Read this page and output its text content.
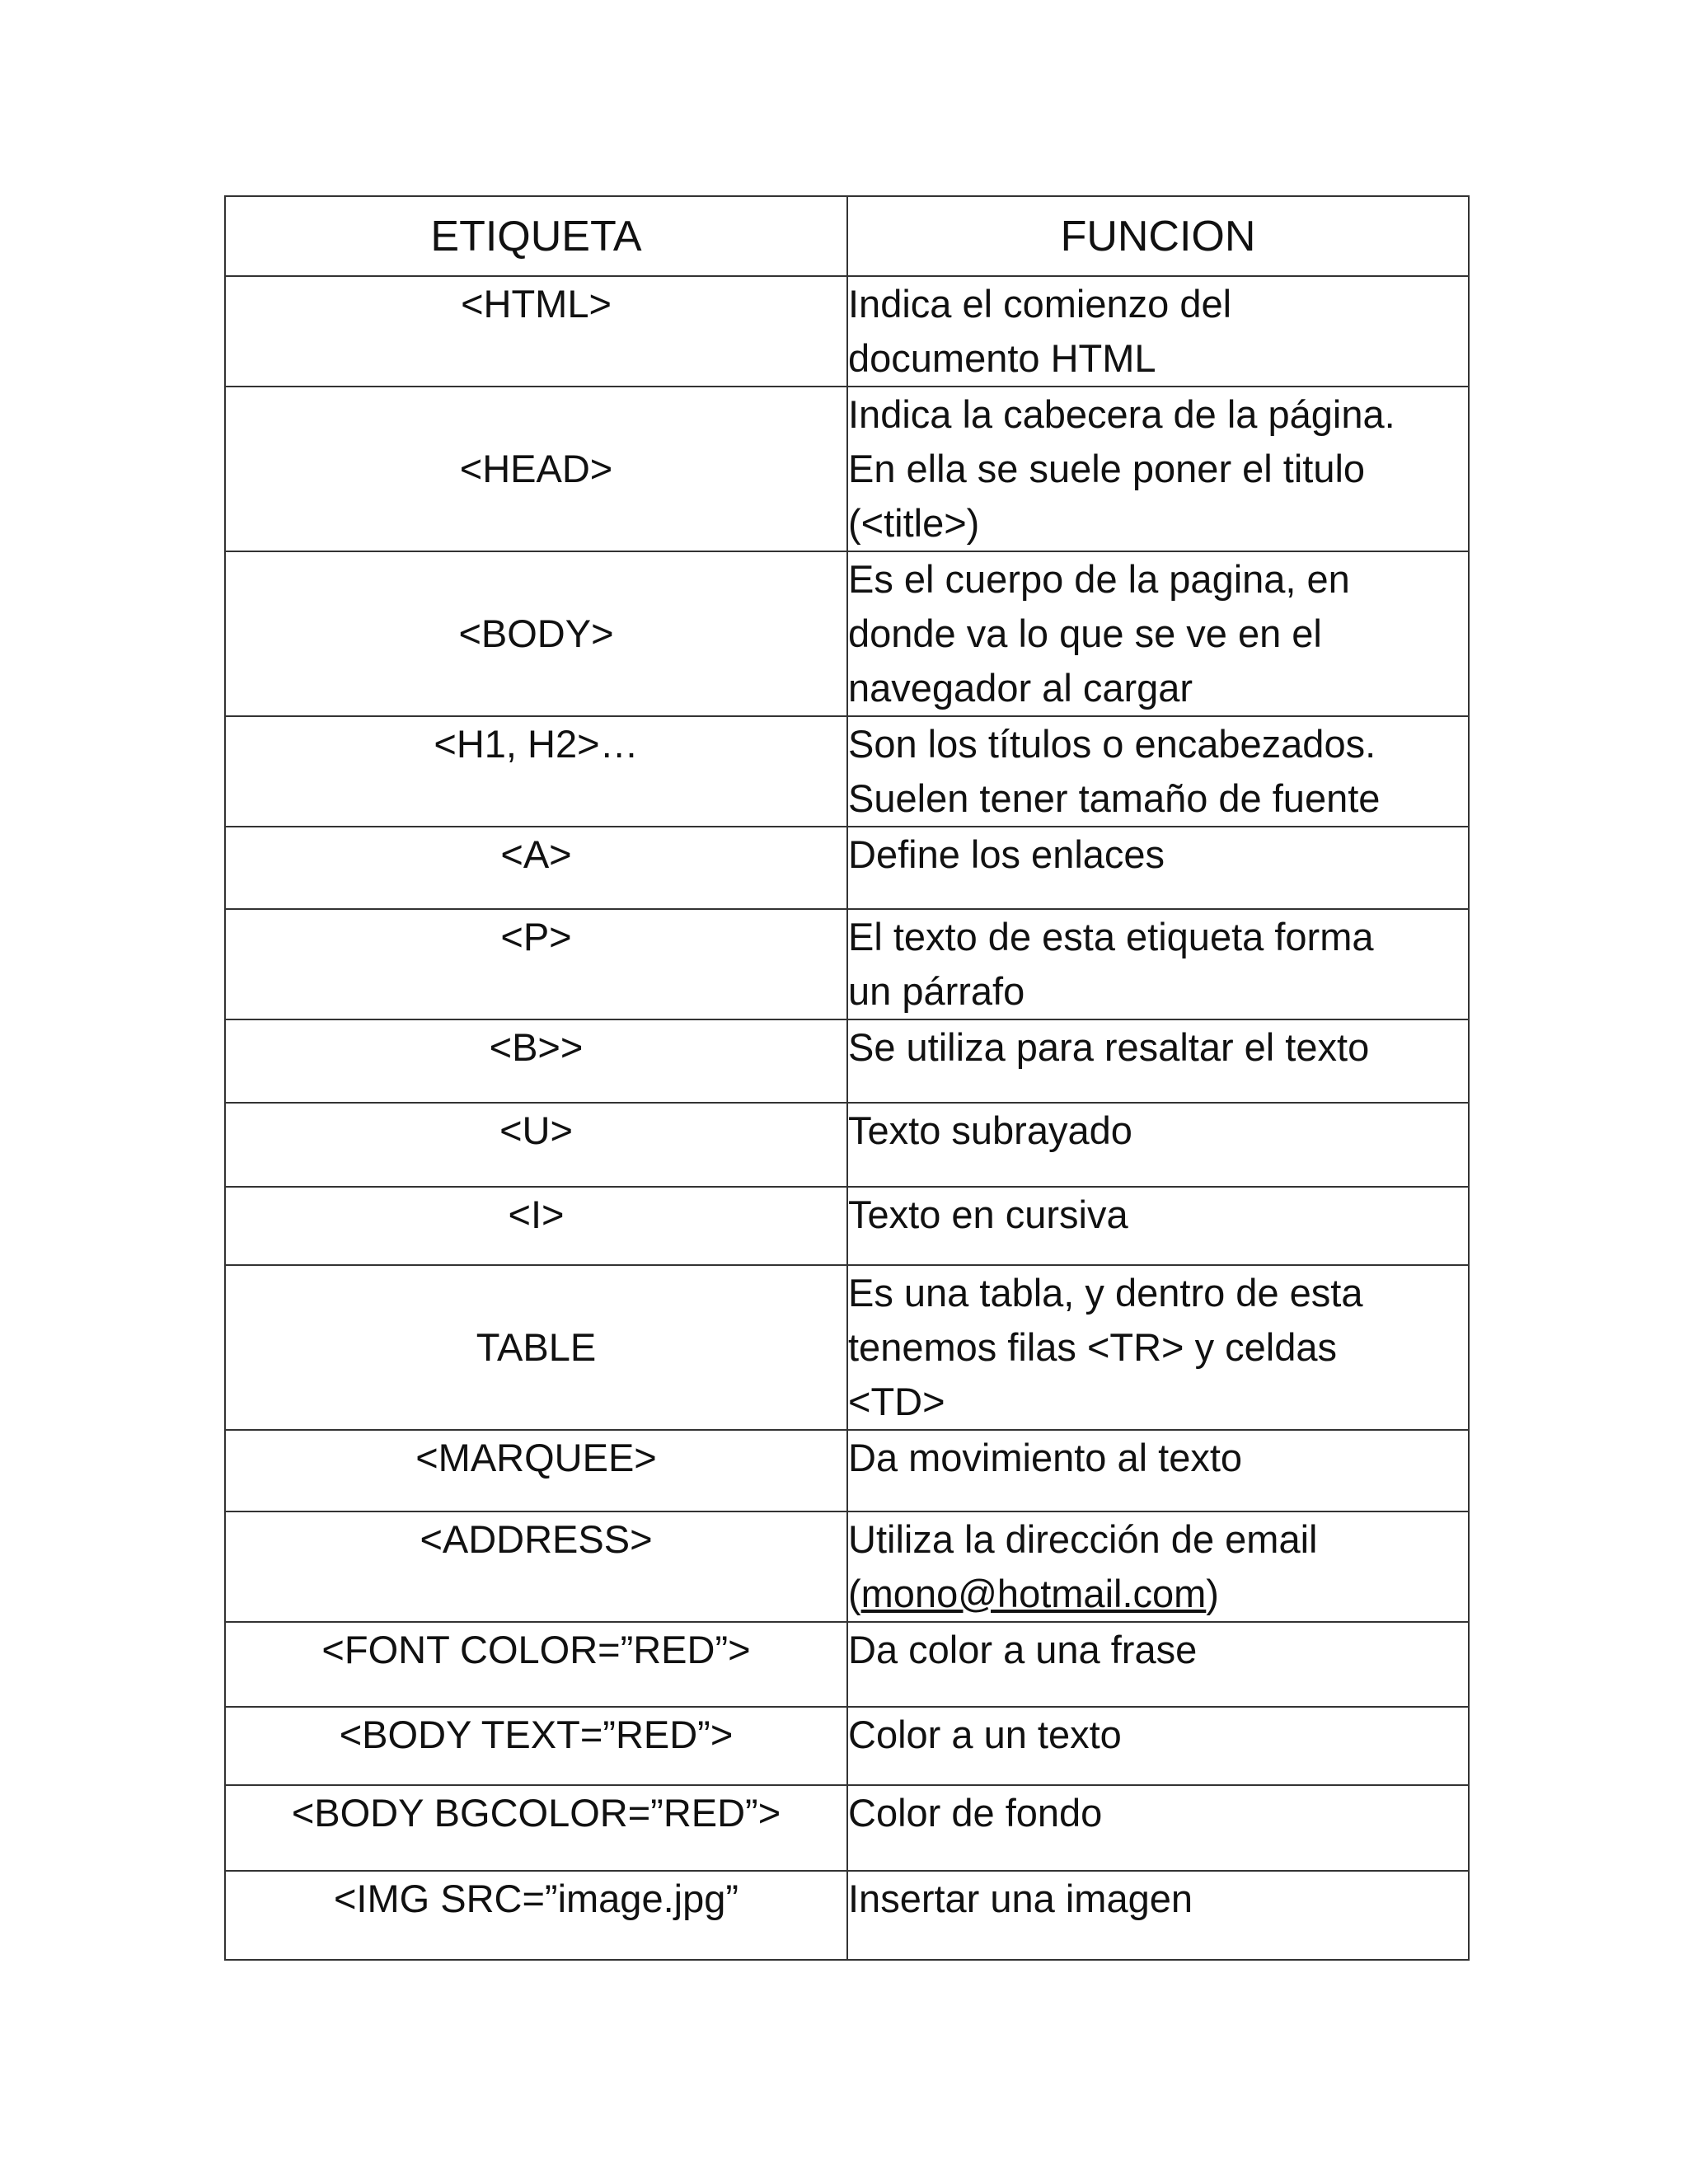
ETIQUETA	FUNCION
<HTML>	Indica el comienzo del
documento HTML
<HEAD>	Indica la cabecera de la página.
En ella se suele poner el titulo
(<title>)
<BODY>	Es el cuerpo de la pagina, en
donde va lo que se ve en el
navegador al cargar
<H1, H2>…	Son los títulos o encabezados.
Suelen tener tamaño de fuente
<A>	Define los enlaces
<P>	El texto de esta etiqueta forma
un párrafo
<B>>	Se utiliza para resaltar el texto
<U>	Texto subrayado
<I>	Texto en cursiva
TABLE	Es una tabla, y dentro de esta
tenemos filas <TR> y celdas
<TD>
<MARQUEE>	Da movimiento al texto
<ADDRESS>	Utiliza la dirección de email
(mono@hotmail.com)
<FONT COLOR=”RED”>	Da color a una frase
<BODY TEXT=”RED”>	Color a un texto
<BODY BGCOLOR=”RED”>	Color de fondo
<IMG SRC=”image.jpg”	Insertar una imagen
